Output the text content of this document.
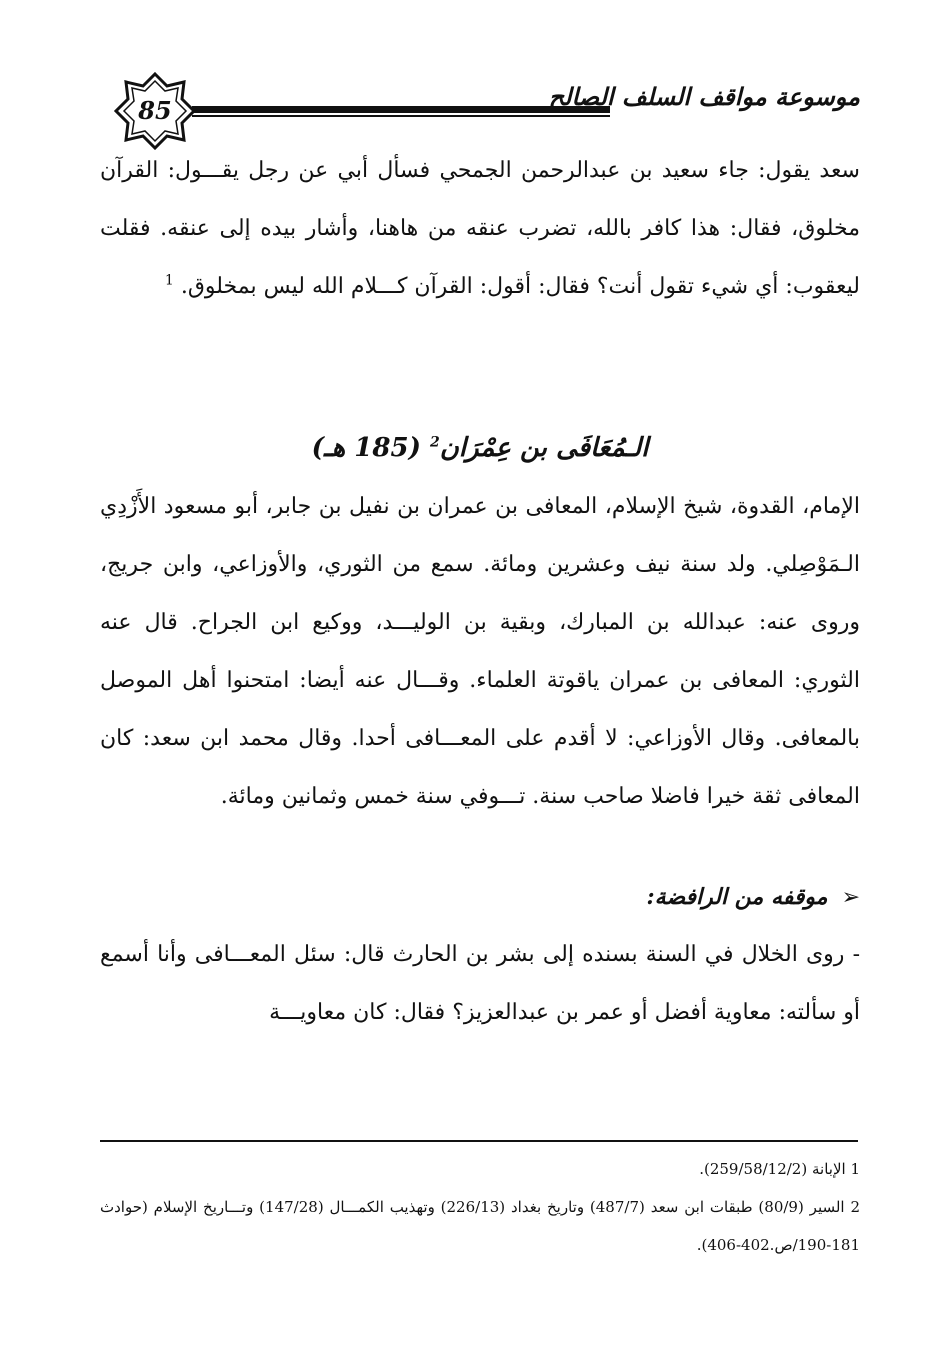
85	موسوعة مواقف السلف الصالح
سعد يقول: جاء سعيد بن عبدالرحمن الجمحي فسأل أبي عن رجل يقـــول: القرآن مخلوق، فقال: هذا كافر بالله، تضرب عنقه من هاهنا، وأشار بيده إلى عنقه. فقلت ليعقوب: أي شيء تقول أنت؟ فقال: أقول: القرآن كـــلام الله ليس بمخلوق. $^1$
الـمُعَافَى بن عِمْرَان$^2$ (185 هـ)
الإمام، القدوة، شيخ الإسلام، المعافى بن عمران بن نفيل بن جابر، أبو مسعود الأَزْدِي الـمَوْصِلي. ولد سنة نيف وعشرين ومائة. سمع من الثوري، والأوزاعي، وابن جريج، وروى عنه: عبدالله بن المبارك، وبقية بن الوليـــد، ووكيع ابن الجراح. قال عنه الثوري: المعافى بن عمران ياقوتة العلماء. وقـــال عنه أيضا: امتحنوا أهل الموصل بالمعافى. وقال الأوزاعي: لا أقدم على المعـــافى أحدا. وقال محمد ابن سعد: كان المعافى ثقة خيرا فاضلا صاحب سنة. تـــوفي سنة خمس وثمانين ومائة.
➢موقفه من الرافضة:
- روى الخلال في السنة بسنده إلى بشر بن الحارث قال: سئل المعـــافى وأنا أسمع أو سألته: معاوية أفضل أو عمر بن عبدالعزيز؟ فقال: كان معاويـــة

1 الإبانة (259/58/12/2).

2 السير (80/9) طبقات ابن سعد (487/7) وتاريخ بغداد (226/13) وتهذيب الكمـــال (147/28) وتـــاريخ الإسلام (حوادث 181-190/ص.402-406).
